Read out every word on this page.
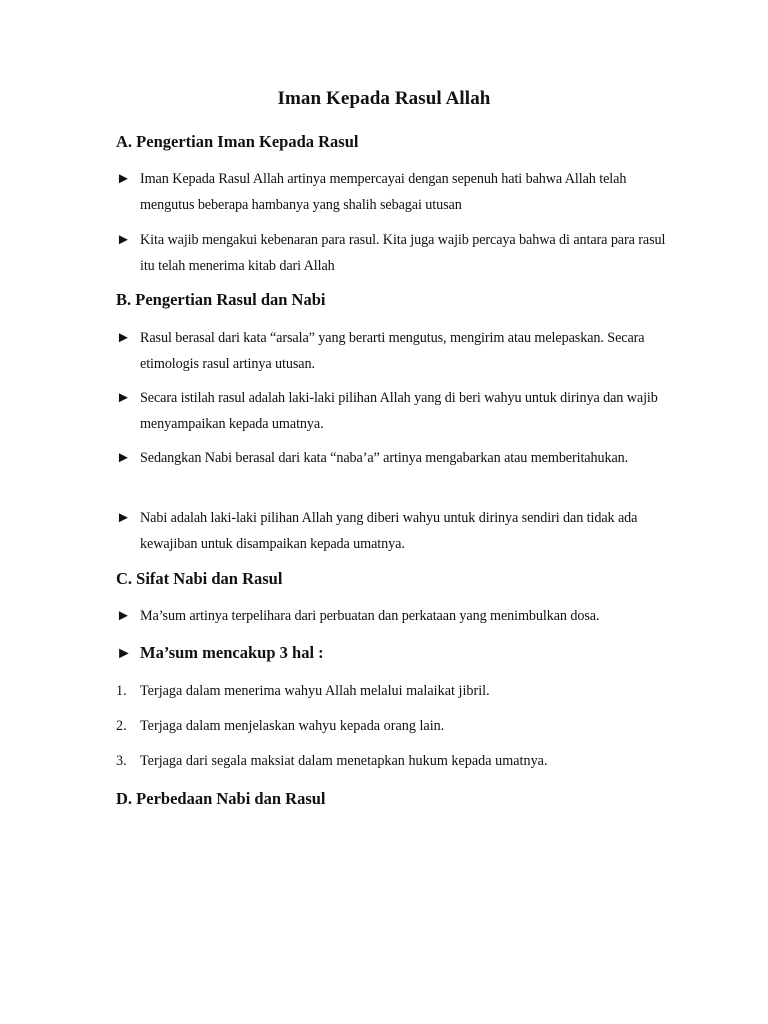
Iman Kepada Rasul Allah
A. Pengertian Iman Kepada Rasul
► Iman Kepada Rasul Allah artinya mempercayai dengan sepenuh hati bahwa Allah telah mengutus beberapa hambanya yang shalih sebagai utusan
► Kita wajib mengakui kebenaran para rasul. Kita juga wajib percaya bahwa di antara para rasul itu telah menerima kitab dari Allah
B. Pengertian Rasul dan Nabi
► Rasul berasal dari kata “arsala” yang berarti mengutus, mengirim atau melepaskan. Secara etimologis rasul artinya utusan.
► Secara istilah rasul adalah laki-laki pilihan Allah yang di beri wahyu untuk dirinya dan wajib menyampaikan kepada umatnya.
► Sedangkan Nabi berasal dari kata “naba’a” artinya mengabarkan atau memberitahukan.
► Nabi adalah laki-laki pilihan Allah yang diberi wahyu untuk dirinya sendiri dan tidak ada kewajiban untuk disampaikan kepada umatnya.
C. Sifat Nabi dan Rasul
► Ma’sum artinya terpelihara dari perbuatan dan perkataan yang menimbulkan dosa.
► Ma’sum mencakup 3 hal :
1. Terjaga dalam menerima wahyu Allah melalui malaikat jibril.
2. Terjaga dalam menjelaskan wahyu kepada orang lain.
3. Terjaga dari segala maksiat dalam menetapkan hukum kepada umatnya.
D. Perbedaan Nabi dan Rasul
